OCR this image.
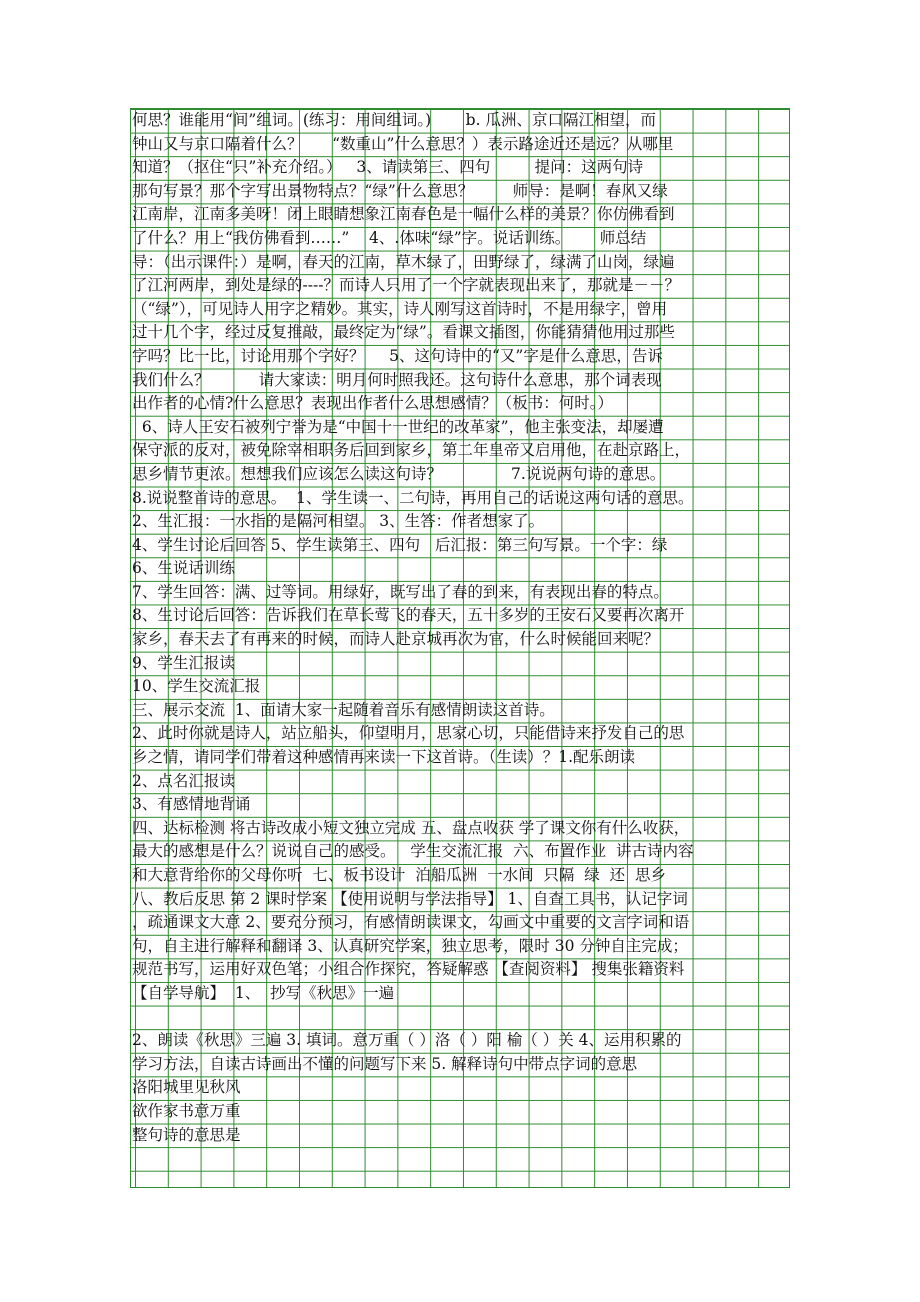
何思？谁能用“间”组词。(练习：用间组词。)       b. 瓜洲、京口隔江相望，而
钟山又与京口隔着什么？      “数重山”什么意思？）表示路途近还是远？从哪里
知道？（抠住“只”补充介绍。）   3、请读第三、四句         提问：这两句诗
那句写景？那个字写出景物特点？“绿”什么意思？        师导：是啊！春风又绿
江南岸，江南多美呀！闭上眼睛想象江南春色是一幅什么样的美景？你仿佛看到
了什么？用上“我仿佛看到……”    4、.体味“绿”字。说话训练。      师总结
导：（出示课件：）是啊，春天的江南，草木绿了，田野绿了，绿满了山岗，绿遍
了江河两岸，到处是绿的----？而诗人只用了一个字就表现出来了，那就是－－？
（“绿”），可见诗人用字之精妙。其实，诗人刚写这首诗时，不是用绿字，曾用
过十几个字，经过反复推敲，最终定为“绿”。看课文插图，你能猜猜他用过那些
字吗？比一比，讨论用那个字好？     5、这句诗中的“又”字是什么意思，告诉
我们什么？          请大家读：明月何时照我还。这句诗什么意思，那个词表现
出作者的心情?什么意思？表现出作者什么思想感情？（板书：何时。）
6、诗人王安石被列宁誉为是“中国十一世纪的改革家”，他主张变法，却屡遭
保守派的反对，被免除宰相职务后回到家乡，第二年皇帝又启用他，在赴京路上，
思乡情节更浓。想想我们应该怎么读这句诗？              7.说说两句诗的意思。
8.说说整首诗的意思。  1、学生读一、二句诗，再用自己的话说这两句话的意思。
2、生汇报：一水指的是隔河相望。 3、生答：作者想家了。
4、学生讨论后回答 5、学生读第三、四句   后汇报：第三句写景。一个字：绿
6、生说话训练
7、学生回答：满、过等词。用绿好，既写出了春的到来，有表现出春的特点。
8、生讨论后回答：告诉我们在草长莺飞的春天，五十多岁的王安石又要再次离开
家乡，春天去了有再来的时候，而诗人赴京城再次为官，什么时候能回来呢？
9、学生汇报读
10、学生交流汇报
三、展示交流  1、面请大家一起随着音乐有感情朗读这首诗。
2、此时你就是诗人，站立船头，仰望明月，思家心切，只能借诗来抒发自己的思
乡之情，请同学们带着这种感情再来读一下这首诗。（生读）？1.配乐朗读
2、点名汇报读
3、有感情地背诵
四、达标检测 将古诗改成小短文独立完成 五、盘点收获 学了课文你有什么收获，
最大的感想是什么？说说自己的感受。   学生交流汇报  六、布置作业  讲古诗内容
和大意背给你的父母你听  七、板书设计  泊船瓜洲  一水间  只隔  绿  还  思乡
八、教后反思 第 2 课时学案 【使用说明与学法指导】 1、自查工具书，认记字词
，疏通课文大意 2、要充分预习，有感情朗读课文，勾画文中重要的文言字词和语
句，自主进行解释和翻译 3、认真研究学案，独立思考，限时 30 分钟自主完成；
规范书写，运用好双色笔；小组合作探究，答疑解惑 【查阅资料】 搜集张籍资料
【自学导航】  1、  抄写《秋思》一遍
2、朗读《秋思》三遍 3. 填词。意万重（ ）洛（ ）阳 榆（ ）关 4、运用积累的
学习方法，自读古诗画出不懂的问题写下来 5. 解释诗句中带点字词的意思
洛阳城里见秋风
欲作家书意万重
整句诗的意思是
